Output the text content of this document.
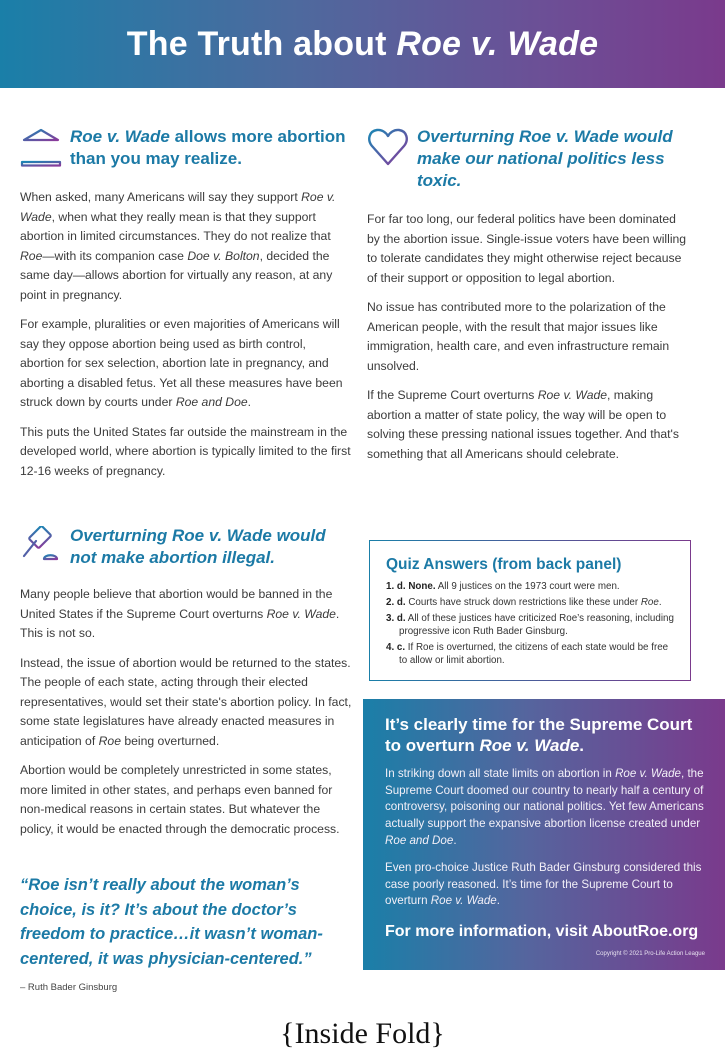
The Truth about Roe v. Wade
Roe v. Wade allows more abortion than you may realize.

When asked, many Americans will say they support Roe v. Wade, when what they really mean is that they support abortion in limited circumstances. They do not realize that Roe—with its companion case Doe v. Bolton, decided the same day—allows abortion for virtually any reason, at any point in pregnancy.

For example, pluralities or even majorities of Americans will say they oppose abortion being used as birth control, abortion for sex selection, abortion late in pregnancy, and aborting a disabled fetus. Yet all these measures have been struck down by courts under Roe and Doe.

This puts the United States far outside the mainstream in the developed world, where abortion is typically limited to the first 12-16 weeks of pregnancy.

Overturning Roe v. Wade would not make abortion illegal.

Many people believe that abortion would be banned in the United States if the Supreme Court overturns Roe v. Wade. This is not so.

Instead, the issue of abortion would be returned to the states. The people of each state, acting through their elected representatives, would set their state's abortion policy. In fact, some state legislatures have already enacted measures in anticipation of Roe being overturned.

Abortion would be completely unrestricted in some states, more limited in other states, and perhaps even banned for non-medical reasons in certain states. But whatever the policy, it would be enacted through the democratic process.

“Roe isn’t really about the woman’s choice, is it? It’s about the doctor’s freedom to practice…it wasn’t woman-centered, it was physician-centered.”
– Ruth Bader Ginsburg
Overturning Roe v. Wade would make our national politics less toxic.

For far too long, our federal politics have been dominated by the abortion issue. Single-issue voters have been willing to tolerate candidates they might otherwise reject because of their support or opposition to legal abortion.

No issue has contributed more to the polarization of the American people, with the result that major issues like immigration, health care, and even infrastructure remain unsolved.

If the Supreme Court overturns Roe v. Wade, making abortion a matter of state policy, the way will be open to solving these pressing national issues together. And that's something that all Americans should celebrate.

Quiz Answers (from back panel)
1. d. None. All 9 justices on the 1973 court were men.
2. d. Courts have struck down restrictions like these under Roe.
3. d. All of these justices have criticized Roe’s reasoning, including progressive icon Ruth Bader Ginsburg.
4. c. If Roe is overturned, the citizens of each state would be free to allow or limit abortion.
It’s clearly time for the Supreme Court to overturn Roe v. Wade.

In striking down all state limits on abortion in Roe v. Wade, the Supreme Court doomed our country to nearly half a century of controversy, poisoning our national politics. Yet few Americans actually support the expansive abortion license created under Roe and Doe.

Even pro-choice Justice Ruth Bader Ginsburg considered this case poorly reasoned. It’s time for the Supreme Court to overturn Roe v. Wade.

For more information, visit AboutRoe.org
Copyright © 2021 Pro-Life Action League
{Inside Fold}
